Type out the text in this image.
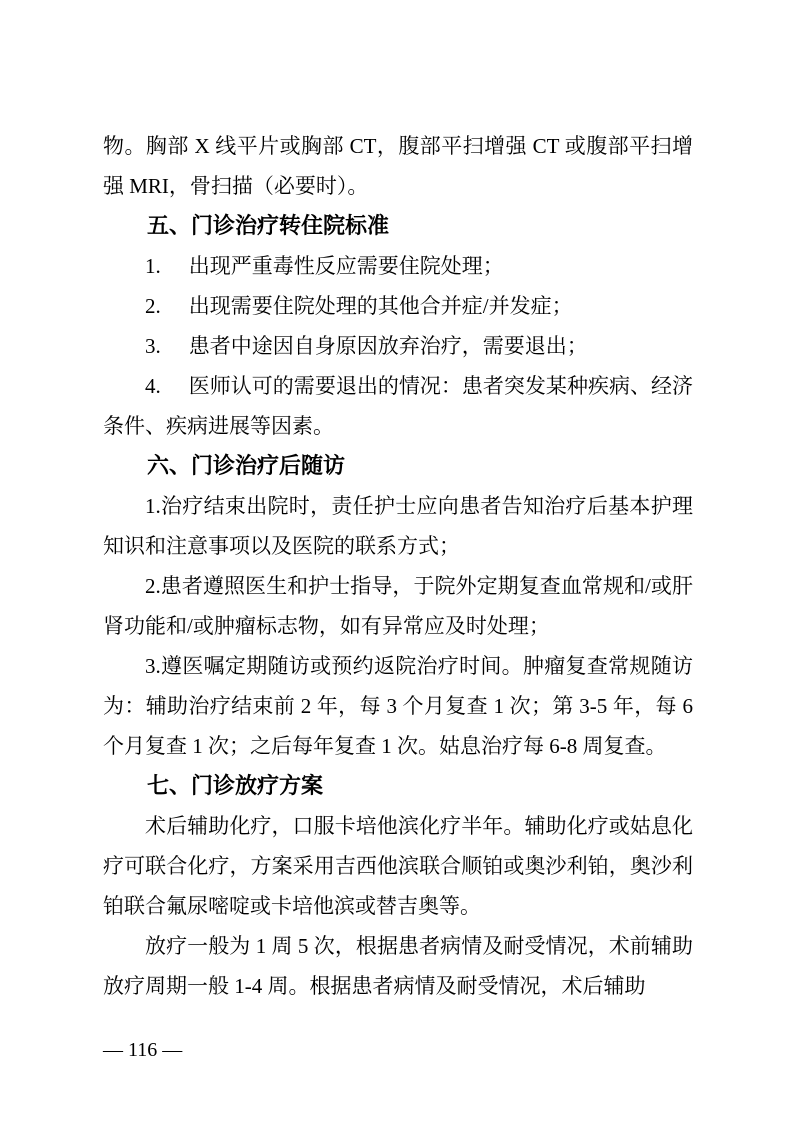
物。胸部 X 线平片或胸部 CT，腹部平扫增强 CT 或腹部平扫增强 MRI，骨扫描（必要时）。

五、门诊治疗转住院标准

1. 出现严重毒性反应需要住院处理；

2. 出现需要住院处理的其他合并症/并发症；

3. 患者中途因自身原因放弃治疗，需要退出；

4. 医师认可的需要退出的情况：患者突发某种疾病、经济条件、疾病进展等因素。

六、门诊治疗后随访

1.治疗结束出院时，责任护士应向患者告知治疗后基本护理知识和注意事项以及医院的联系方式；

2.患者遵照医生和护士指导，于院外定期复查血常规和/或肝肾功能和/或肿瘤标志物，如有异常应及时处理；

3.遵医嘱定期随访或预约返院治疗时间。肿瘤复查常规随访为：辅助治疗结束前 2 年，每 3 个月复查 1 次；第 3-5 年，每 6 个月复查 1 次；之后每年复查 1 次。姑息治疗每 6-8 周复查。

七、门诊放疗方案

术后辅助化疗，口服卡培他滨化疗半年。辅助化疗或姑息化疗可联合化疗，方案采用吉西他滨联合顺铂或奥沙利铂，奥沙利铂联合氟尿嘧啶或卡培他滨或替吉奥等。

放疗一般为 1 周 5 次，根据患者病情及耐受情况，术前辅助放疗周期一般 1-4 周。根据患者病情及耐受情况，术后辅助

— 116 —
